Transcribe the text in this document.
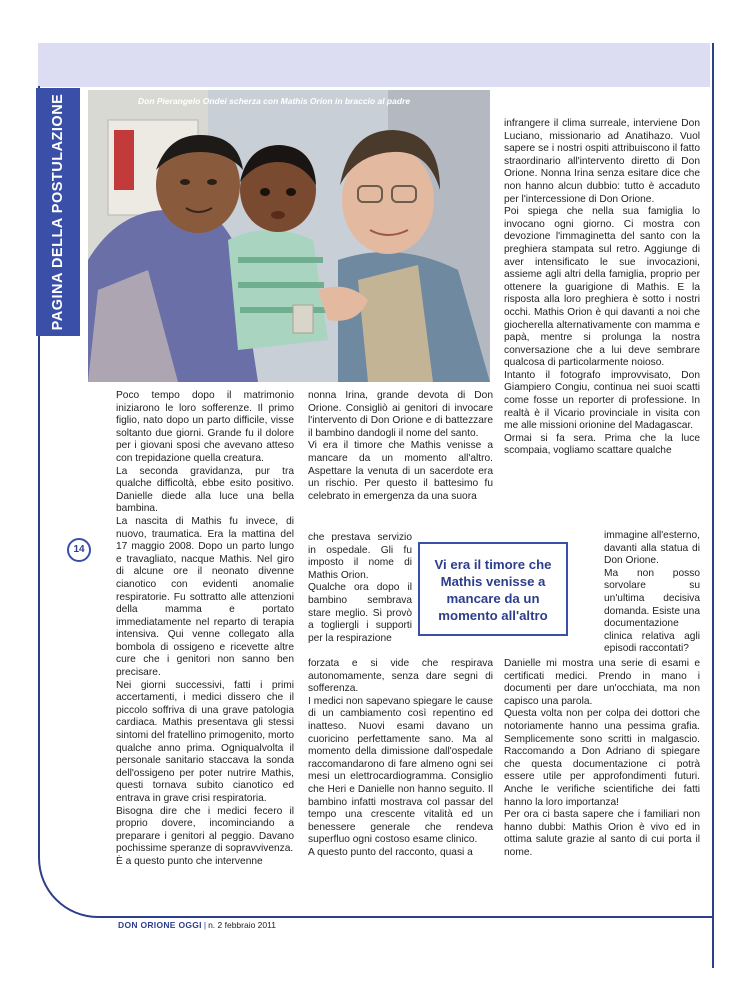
PAGINA DELLA POSTULAZIONE	Don Pierangelo Ondei scherza con Mathis Orion in braccio al padre

Poco tempo dopo il matrimonio iniziarono le loro sofferenze. Il primo figlio, nato dopo un parto difficile, visse soltanto due giorni. Grande fu il dolore per i giovani sposi che avevano atteso con trepidazione quella creatura.

La seconda gravidanza, pur tra qualche difficoltà, ebbe esito positivo. Danielle diede alla luce una bella bambina.

La nascita di Mathis fu invece, di nuovo, traumatica. Era la mattina del 17 maggio 2008. Dopo un parto lungo e travagliato, nacque Mathis. Nel giro di alcune ore il neonato divenne cianotico con evidenti anomalie respiratorie. Fu sottratto alle attenzioni della mamma e portato immediatamente nel reparto di terapia intensiva. Qui venne collegato alla bombola di ossigeno e ricevette altre cure che i genitori non sanno ben precisare.

Nei giorni successivi, fatti i primi accertamenti, i medici dissero che il piccolo soffriva di una grave patologia cardiaca. Mathis presentava gli stessi sintomi del fratellino primogenito, morto qualche anno prima. Ogniqualvolta il personale sanitario staccava la sonda dell'ossigeno per poter nutrire Mathis, questi tornava subito cianotico ed entrava in grave crisi respiratoria.

Bisogna dire che i medici fecero il proprio dovere, incominciando a preparare i genitori al peggio. Davano pochissime speranze di sopravvivenza.

È a questo punto che intervenne

nonna Irina, grande devota di Don Orione. Consigliò ai genitori di invocare l'intervento di Don Orione e di battezzare il bambino dandogli il nome del santo.

Vi era il timore che Mathis venisse a mancare da un momento all'altro. Aspettare la venuta di un sacerdote era un rischio. Per questo il battesimo fu celebrato in emergenza da una suora

che prestava servizio in ospedale. Gli fu imposto il nome di Mathis Orion.

Qualche ora dopo il bambino sembrava stare meglio. Si provò a togliergli i supporti per la respirazione

forzata e si vide che respirava autonomamente, senza dare segni di sofferenza.

I medici non sapevano spiegare le cause di un cambiamento così repentino ed inatteso. Nuovi esami davano un cuoricino perfettamente sano. Ma al momento della dimissione dall'ospedale raccomandarono di fare almeno ogni sei mesi un elettrocardiogramma. Consiglio che Heri e Danielle non hanno seguito. Il bambino infatti mostrava col passar del tempo una crescente vitalità ed un benessere generale che rendeva superfluo ogni costoso esame clinico.

A questo punto del racconto, quasi a

infrangere il clima surreale, interviene Don Luciano, missionario ad Anatihazo. Vuol sapere se i nostri ospiti attribuiscono il fatto straordinario all'intervento diretto di Don Orione. Nonna Irina senza esitare dice che non hanno alcun dubbio: tutto è accaduto per l'intercessione di Don Orione.

Poi spiega che nella sua famiglia lo invocano ogni giorno. Ci mostra con devozione l'immaginetta del santo con la preghiera stampata sul retro. Aggiunge di aver intensificato le sue invocazioni, assieme agli altri della famiglia, proprio per ottenere la guarigione di Mathis. E la risposta alla loro preghiera è sotto i nostri occhi. Mathis Orion è qui davanti a noi che giocherella alternativamente con mamma e papà, mentre si prolunga la nostra conversazione che a lui deve sembrare qualcosa di particolarmente noioso.

Intanto il fotografo improvvisato, Don Giampiero Congiu, continua nei suoi scatti come fosse un reporter di professione. In realtà è il Vicario provinciale in visita con me alle missioni orionine del Madagascar.

Ormai si fa sera. Prima che la luce scompaia, vogliamo scattare qualche

immagine all'esterno, davanti alla statua di Don Orione.

Ma non posso sorvolare su un'ultima decisiva domanda. Esiste una documentazione clinica relativa agli episodi raccontati?

Danielle mi mostra una serie di esami e certificati medici. Prendo in mano i documenti per dare un'occhiata, ma non capisco una parola.

Questa volta non per colpa dei dottori che notoriamente hanno una pessima grafia. Semplicemente sono scritti in malgascio. Raccomando a Don Adriano di spiegare che questa documentazione ci potrà essere utile per approfondimenti futuri. Anche le verifiche scientifiche dei fatti hanno la loro importanza!

Per ora ci basta sapere che i familiari non hanno dubbi: Mathis Orion è vivo ed in ottima salute grazie al santo di cui porta il nome.

Vi era il timore che Mathis venisse a mancare da un momento all'altro
14
DON ORIONE OGGI | n. 2 febbraio 2011
